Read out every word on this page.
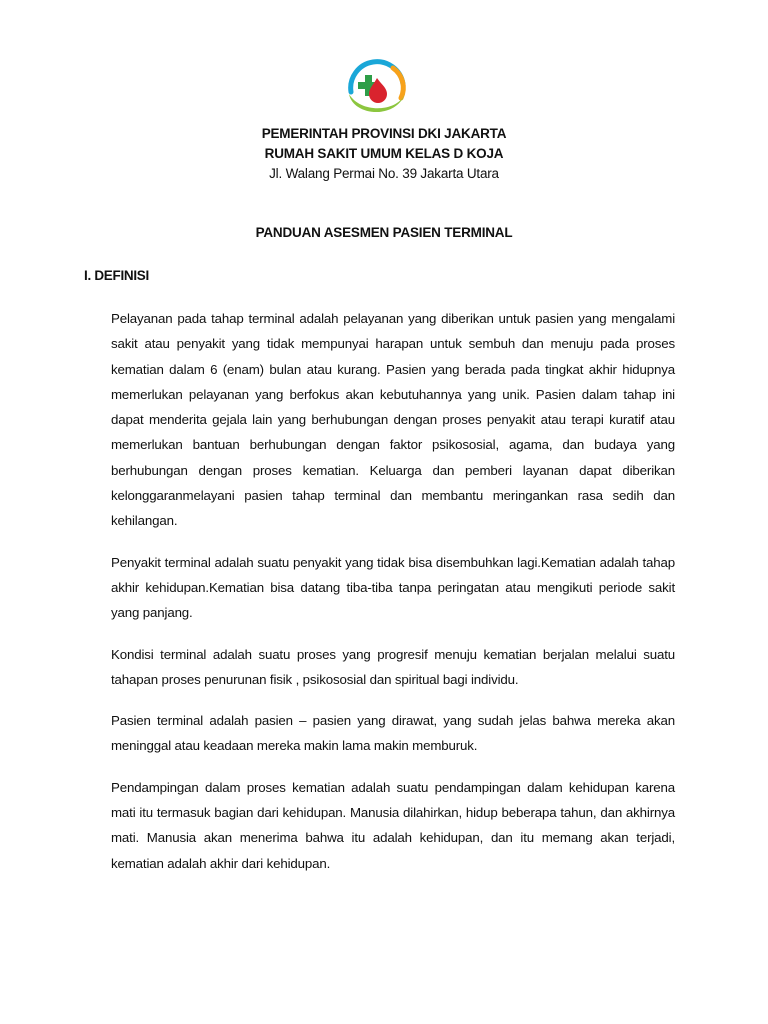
PEMERINTAH PROVINSI DKI JAKARTA
RUMAH SAKIT UMUM KELAS D KOJA
Jl. Walang Permai No. 39 Jakarta Utara
PANDUAN ASESMEN PASIEN TERMINAL
I. DEFINISI

Pelayanan pada tahap terminal adalah pelayanan yang diberikan untuk pasien yang mengalami sakit atau penyakit yang tidak mempunyai harapan untuk sembuh dan menuju pada proses kematian dalam 6 (enam) bulan atau kurang. Pasien yang berada pada tingkat akhir hidupnya memerlukan pelayanan yang berfokus akan kebutuhannya yang unik. Pasien dalam tahap ini dapat menderita gejala lain yang berhubungan dengan proses penyakit atau terapi kuratif atau memerlukan bantuan berhubungan dengan faktor psikososial, agama, dan budaya yang berhubungan dengan proses kematian. Keluarga dan pemberi layanan dapat diberikan kelonggaranmelayani pasien tahap terminal dan membantu meringankan rasa sedih dan kehilangan.

Penyakit terminal adalah suatu penyakit yang tidak bisa disembuhkan lagi.Kematian adalah tahap akhir kehidupan.Kematian bisa datang tiba-tiba tanpa peringatan atau mengikuti periode sakit yang panjang.

Kondisi terminal adalah suatu proses yang progresif menuju kematian berjalan melalui suatu tahapan proses penurunan fisik , psikososial dan spiritual bagi individu.

Pasien terminal adalah pasien – pasien yang dirawat, yang sudah jelas bahwa mereka akan meninggal atau keadaan mereka makin lama makin memburuk.

Pendampingan dalam proses kematian adalah suatu pendampingan dalam kehidupan karena mati itu termasuk bagian dari kehidupan. Manusia dilahirkan, hidup beberapa tahun, dan akhirnya mati. Manusia akan menerima bahwa itu adalah kehidupan, dan itu memang akan terjadi, kematian adalah akhir dari kehidupan.
